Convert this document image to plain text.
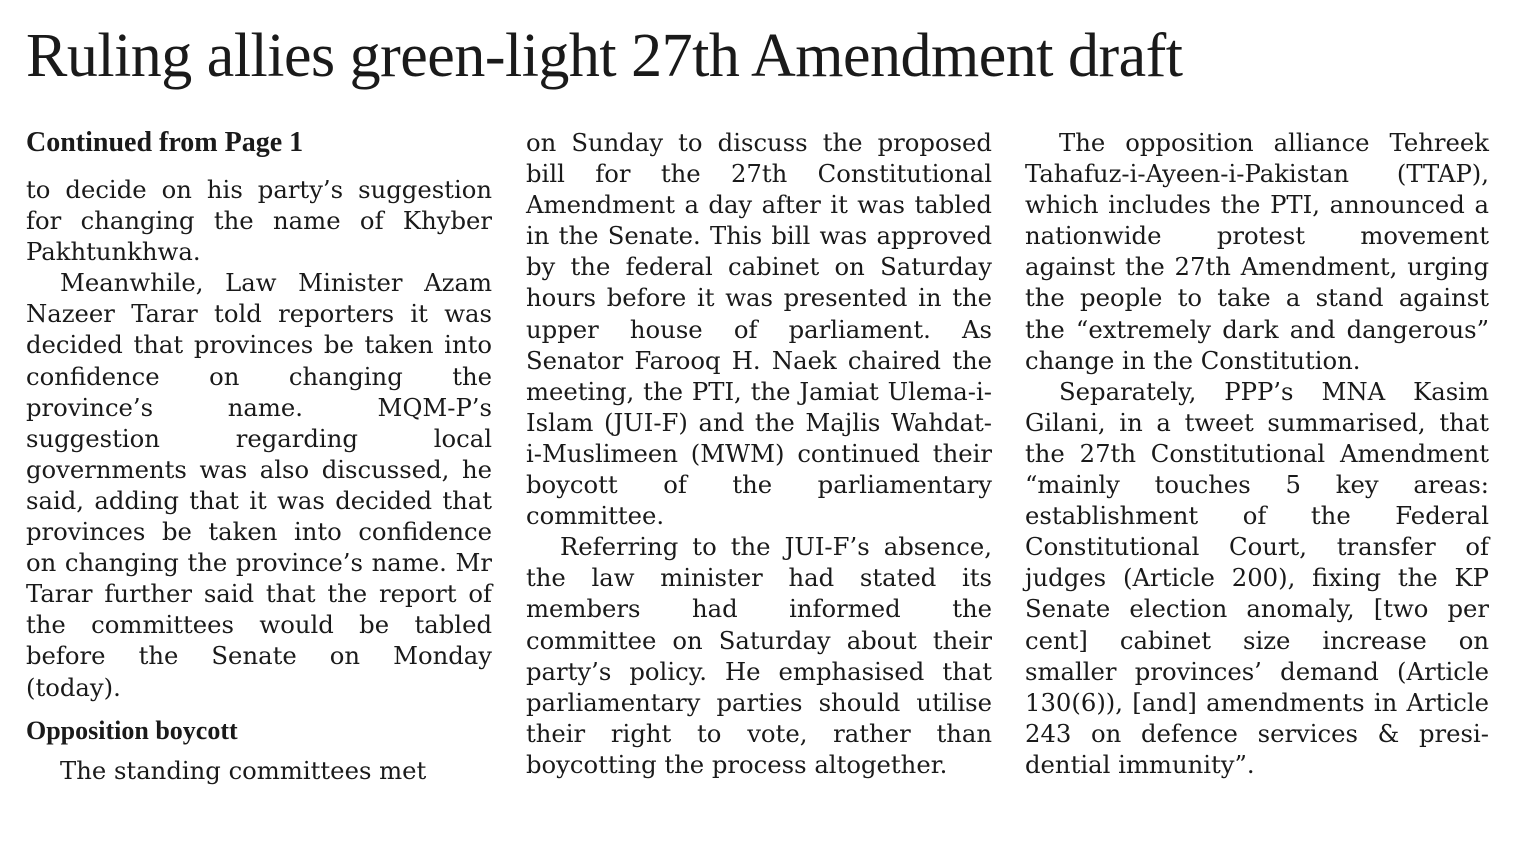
Ruling allies green-light 27th Amendment draft
Continued from Page 1

to decide on his party’s suggestion for changing the name of Khyber Pakhtunkhwa.

Meanwhile, Law Minister Azam Nazeer Tarar told reporters it was decided that provinces be taken into confidence on changing the province’s name. MQM-P’s suggestion regarding local governments was also discussed, he said, adding that it was decided that provinces be taken into confidence on changing the province’s name. Mr Tarar further said that the report of the committees would be tabled before the Senate on Monday (today).

Opposition boycott

The standing committees met

on Sunday to discuss the proposed bill for the 27th Constitutional Amendment a day after it was tabled in the Senate. This bill was approved by the federal cabinet on Saturday hours before it was presented in the upper house of parliament. As Senator Farooq H. Naek chaired the meeting, the PTI, the Jamiat Ulema-i-Islam (JUI-F) and the Majlis Wahdat-i-Muslimeen (MWM) continued their boycott of the parliamentary committee.

Referring to the JUI-F’s absence, the law minister had stated its members had informed the committee on Saturday about their party’s policy. He emphasised that parliamentary parties should utilise their right to vote, rather than boycotting the process altogether.

The opposition alliance Tehreek Tahafuz-i-Ayeen-i-Pakistan (TTAP), which includes the PTI, announced a nationwide protest movement against the 27th Amendment, urging the people to take a stand against the “extremely dark and dangerous” change in the Constitution.

Separately, PPP’s MNA Kasim Gilani, in a tweet summarised, that the 27th Constitutional Amendment “mainly touches 5 key areas: establishment of the Federal Constitutional Court, transfer of judges (Article 200), fixing the KP Senate election anomaly, [two per cent] cabinet size increase on smaller provinces’ demand (Article 130(6)), [and] amendments in Article 243 on defence services & presidential immunity”.
